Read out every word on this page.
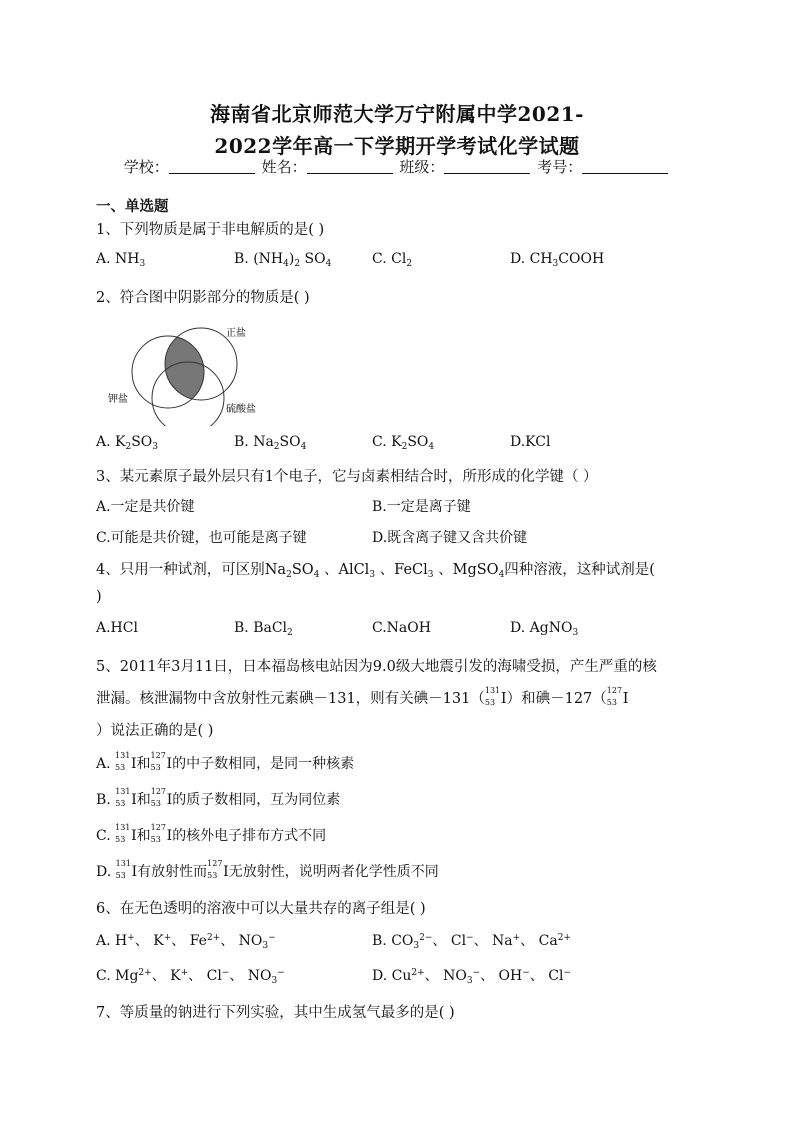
海南省北京师范大学万宁附属中学2021-
2022学年高一下学期开学考试化学试题
学校：	姓名：	班级：	考号：
一、单选题
1、下列物质是属于非电解质的是( )
A. $NH_3$	B. $(NH_4)_2$ $SO_4$	C. $Cl_2$	D. $CH_3COOH$
2、符合图中阴影部分的物质是( )
正盐
钾盐
硫酸盐
A. $K_2SO_3$	B. $Na_2SO_4$	C. $K_2SO_4$	D.KCl
3、某元素原子最外层只有1个电子，它与卤素相结合时，所形成的化学键（ ）
A.一定是共价键	B.一定是离子键
C.可能是共价键，也可能是离子键	D.既含离子键又含共价键
4、只用一种试剂，可区别$Na_2SO_4$ 、AlCl$_3$ 、FeCl$_3$ 、MgSO$_4$四种溶液，这种试剂是(
)
A.HCl	B. BaCl$_2$	C.NaOH	D. AgNO$_3$
5、2011年3月11日，日本福岛核电站因为9.0级大地震引发的海啸受损，产生严重的核
泄漏。核泄漏物中含放射性元素碘－131，则有关碘－131（
131
53 I）和碘－127（
127
53 I
）说法正确的是( )
A.
131
53 I和
127
53 I的中子数相同，是同一种核素
B.
131
53 I和
127
53 I的质子数相同，互为同位素
C.
131
53 I和
127
53 I的核外电子排布方式不同
D.
131
53 I有放射性而
127
53 I无放射性，说明两者化学性质不同
6、在无色透明的溶液中可以大量共存的离子组是( )
A. H+、 K+、 $Fe^{2+}$、 $NO_3^-$	B. $CO_3^{2-}$、 Cl−、 Na+、 $Ca^{2+}$
C. $Mg^{2+}$、 K+、 Cl−、 $NO_3^-$	D. $Cu^{2+}$、 $NO_3^-$、 OH−、 Cl−
7、等质量的钠进行下列实验，其中生成氢气最多的是( )
